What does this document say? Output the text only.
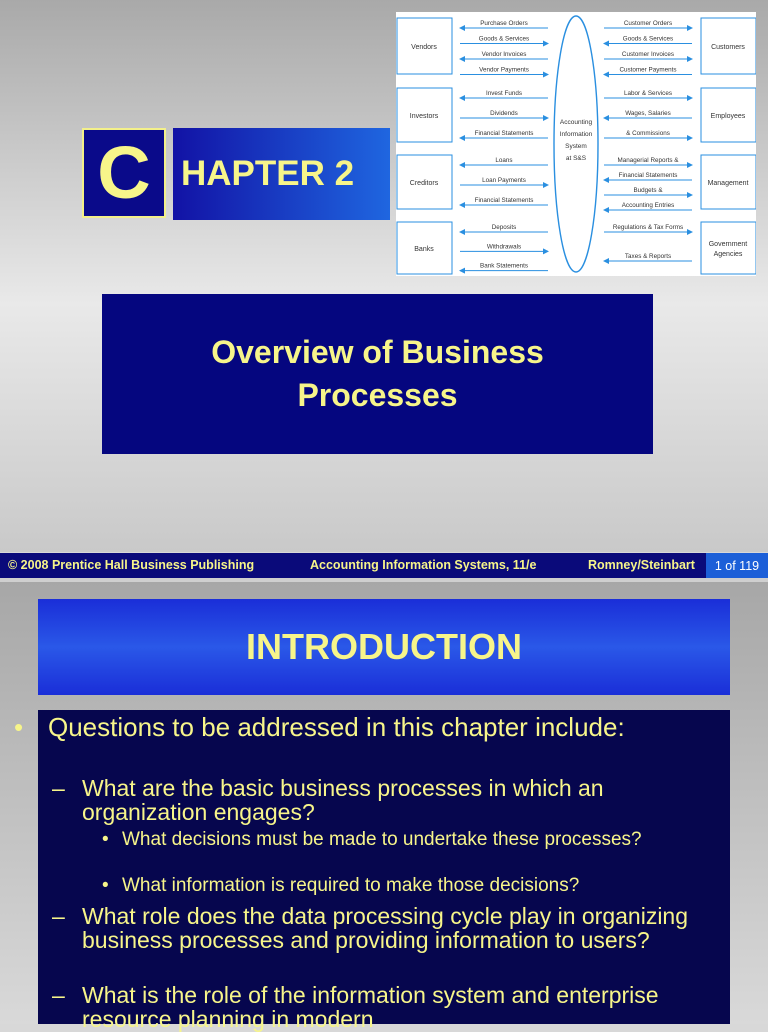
C HAPTER 2
Accounting
Information
System
at S&S
Vendors
Purchase Orders
Goods & Services
Vendor Invoices
Vendor Payments
Investors
Invest Funds
Dividends
Financial Statements
Creditors
Loans
Loan Payments
Financial Statements
Banks
Deposits
Withdrawals
Bank Statements
Customers
Customer Orders
Goods & Services
Customer Invoices
Customer Payments
Employees
Labor & Services
Wages, Salaries
& Commissions
Management
Managerial Reports &
Financial Statements
Budgets &
Accounting Entries
Government
Agencies
Regulations & Tax Forms
Taxes & Reports
Overview of Business Processes
© 2008 Prentice Hall Business Publishing	Accounting Information Systems, 11/e	Romney/Steinbart	1 of 119
INTRODUCTION
• Questions to be addressed in this chapter include:
– What are the basic business processes in which an organization engages?
• What decisions must be made to undertake these processes?
• What information is required to make those decisions?
– What role does the data processing cycle play in organizing business processes and providing information to users?
– What is the role of the information system and enterprise resource planning in modern
